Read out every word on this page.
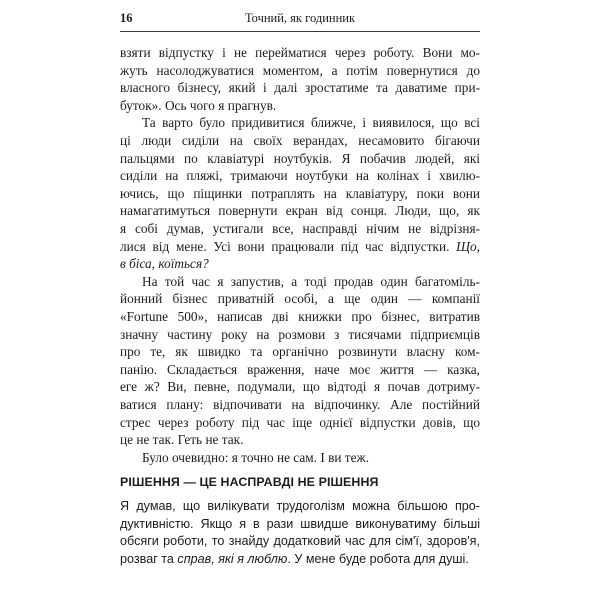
16	Точний, як годинник
взяти відпустку і не перейматися через роботу. Вони мо-
жуть насолоджуватися моментом, а потім повернутися до
власного бізнесу, який і далі зростатиме та даватиме при-
буток». Ось чого я прагнув.
Та варто було придивитися ближче, і виявилося, що всі
ці люди сиділи на своїх верандах, несамовито бігаючи
пальцями по клавіатурі ноутбуків. Я побачив людей, які
сиділи на пляжі, тримаючи ноутбуки на колінах і хвилю-
ючись, що піщинки потраплять на клавіатуру, поки вони
намагатимуться повернути екран від сонця. Люди, що, як
я собі думав, устигали все, насправді нічим не відрізня-
лися від мене. Усі вони працювали під час відпустки. Що,
в біса, коїться?
На той час я запустив, а тоді продав один багатоміль-
йонний бізнес приватній особі, а ще один — компанії
«Fortune 500», написав дві книжки про бізнес, витратив
значну частину року на розмови з тисячами підприємців
про те, як швидко та органічно розвинути власну ком-
панію. Складається враження, наче моє життя — казка,
еге ж? Ви, певне, подумали, що відтоді я почав дотриму-
ватися плану: відпочивати на відпочинку. Але постійний
стрес через роботу під час іще однієї відпустки довів, що
це не так. Геть не так.
Було очевидно: я точно не сам. І ви теж.
РІШЕННЯ — ЦЕ НАСПРАВДІ НЕ РІШЕННЯ
Я думав, що вилікувати трудоголізм можна більшою про-
дуктивністю. Якщо я в рази швидше виконуватиму більші
обсяги роботи, то знайду додатковий час для сім'ї, здоров'я,
розваг та справ, які я люблю. У мене буде робота для душі.
